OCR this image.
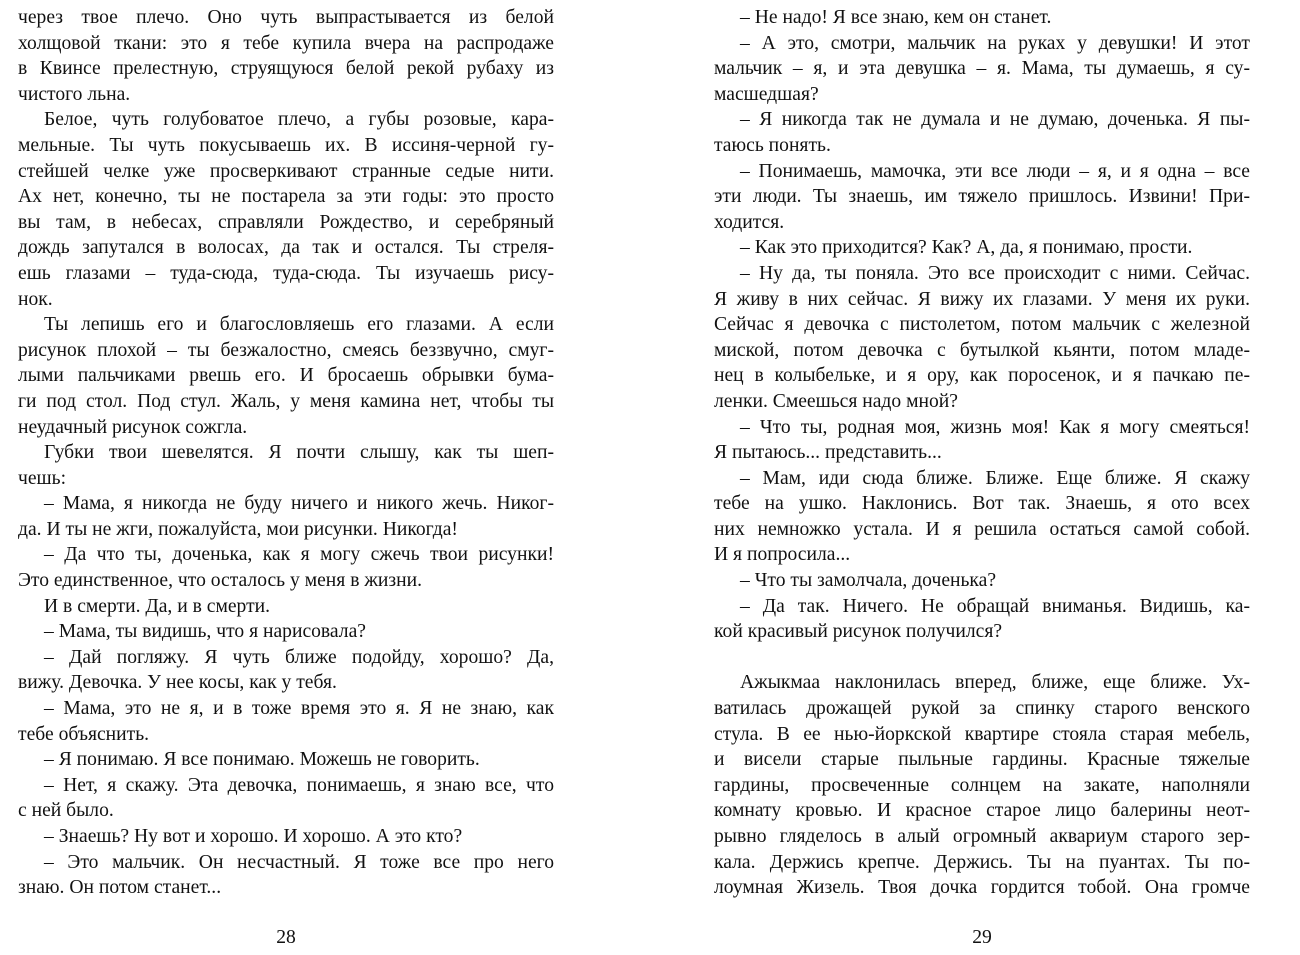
через твое плечо. Оно чуть выпрастывается из белой
холщовой ткани: это я тебе купила вчера на распродаже
в Квинсе прелестную, струящуюся белой рекой рубаху из
чистого льна.
Белое, чуть голубоватое плечо, а губы розовые, кара-
мельные. Ты чуть покусываешь их. В иссиня-черной гу-
стейшей челке уже просверкивают странные седые нити.
Ах нет, конечно, ты не постарела за эти годы: это просто
вы там, в небесах, справляли Рождество, и серебряный
дождь запутался в волосах, да так и остался. Ты стреля-
ешь глазами – туда-сюда, туда-сюда. Ты изучаешь рису-
нок.
Ты лепишь его и благословляешь его глазами. А если
рисунок плохой – ты безжалостно, смеясь беззвучно, смуг-
лыми пальчиками рвешь его. И бросаешь обрывки бума-
ги под стол. Под стул. Жаль, у меня камина нет, чтобы ты
неудачный рисунок сожгла.
Губки твои шевелятся. Я почти слышу, как ты шеп-
чешь:
– Мама, я никогда не буду ничего и никого жечь. Никог-
да. И ты не жги, пожалуйста, мои рисунки. Никогда!
– Да что ты, доченька, как я могу сжечь твои рисунки!
Это единственное, что осталось у меня в жизни.
И в смерти. Да, и в смерти.
– Мама, ты видишь, что я нарисовала?
– Дай погляжу. Я чуть ближе подойду, хорошо? Да,
вижу. Девочка. У нее косы, как у тебя.
– Мама, это не я, и в тоже время это я. Я не знаю, как
тебе объяснить.
– Я понимаю. Я все понимаю. Можешь не говорить.
– Нет, я скажу. Эта девочка, понимаешь, я знаю все, что
с ней было.
– Знаешь? Ну вот и хорошо. И хорошо. А это кто?
– Это мальчик. Он несчастный. Я тоже все про него
знаю. Он потом станет...
28
– Не надо! Я все знаю, кем он станет.
– А это, смотри, мальчик на руках у девушки! И этот
мальчик – я, и эта девушка – я. Мама, ты думаешь, я су-
масшедшая?
– Я никогда так не думала и не думаю, доченька. Я пы-
таюсь понять.
– Понимаешь, мамочка, эти все люди – я, и я одна – все
эти люди. Ты знаешь, им тяжело пришлось. Извини! При-
ходится.
– Как это приходится? Как? А, да, я понимаю, прости.
– Ну да, ты поняла. Это все происходит с ними. Сейчас.
Я живу в них сейчас. Я вижу их глазами. У меня их руки.
Сейчас я девочка с пистолетом, потом мальчик с железной
миской, потом девочка с бутылкой кьянти, потом младе-
нец в колыбельке, и я ору, как поросенок, и я пачкаю пе-
ленки. Смеешься надо мной?
– Что ты, родная моя, жизнь моя! Как я могу смеяться!
Я пытаюсь... представить...
– Мам, иди сюда ближе. Ближе. Еще ближе. Я скажу
тебе на ушко. Наклонись. Вот так. Знаешь, я ото всех
них немножко устала. И я решила остаться самой собой.
И я попросила...
– Что ты замолчала, доченька?
– Да так. Ничего. Не обращай вниманья. Видишь, ка-
кой красивый рисунок получился?
Ажыкмаа наклонилась вперед, ближе, еще ближе. Ух-
ватилась дрожащей рукой за спинку старого венского
стула. В ее нью-йоркской квартире стояла старая мебель,
и висели старые пыльные гардины. Красные тяжелые
гардины, просвеченные солнцем на закате, наполняли
комнату кровью. И красное старое лицо балерины неот-
рывно гляделось в алый огромный аквариум старого зер-
кала. Держись крепче. Держись. Ты на пуантах. Ты по-
лоумная Жизель. Твоя дочка гордится тобой. Она громче
29
